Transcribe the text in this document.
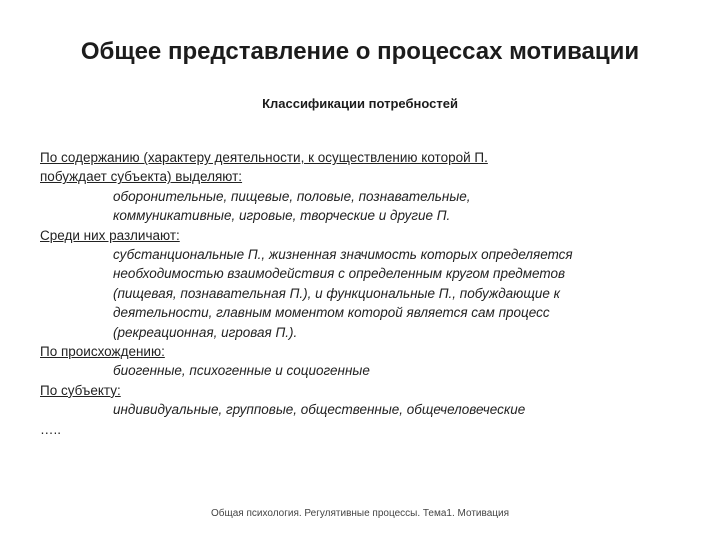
Общее представление о процессах мотивации
Классификации потребностей
По содержанию (характеру деятельности, к осуществлению которой П.
побуждает субъекта) выделяют:
оборонительные, пищевые, половые, познавательные,
коммуникативные, игровые, творческие и другие П.
Среди них различают:
субстанциональные П., жизненная значимость которых определяется
необходимостью взаимодействия с определенным кругом предметов
(пищевая, познавательная П.), и функциональные П., побуждающие к
деятельности, главным моментом которой является сам процесс
(рекреационная, игровая П.).
По происхождению:
биогенные, психогенные и социогенные
По субъекту:
индивидуальные, групповые, общественные, общечеловеческие
…..
Общая психология. Регулятивные процессы. Тема1. Мотивация
